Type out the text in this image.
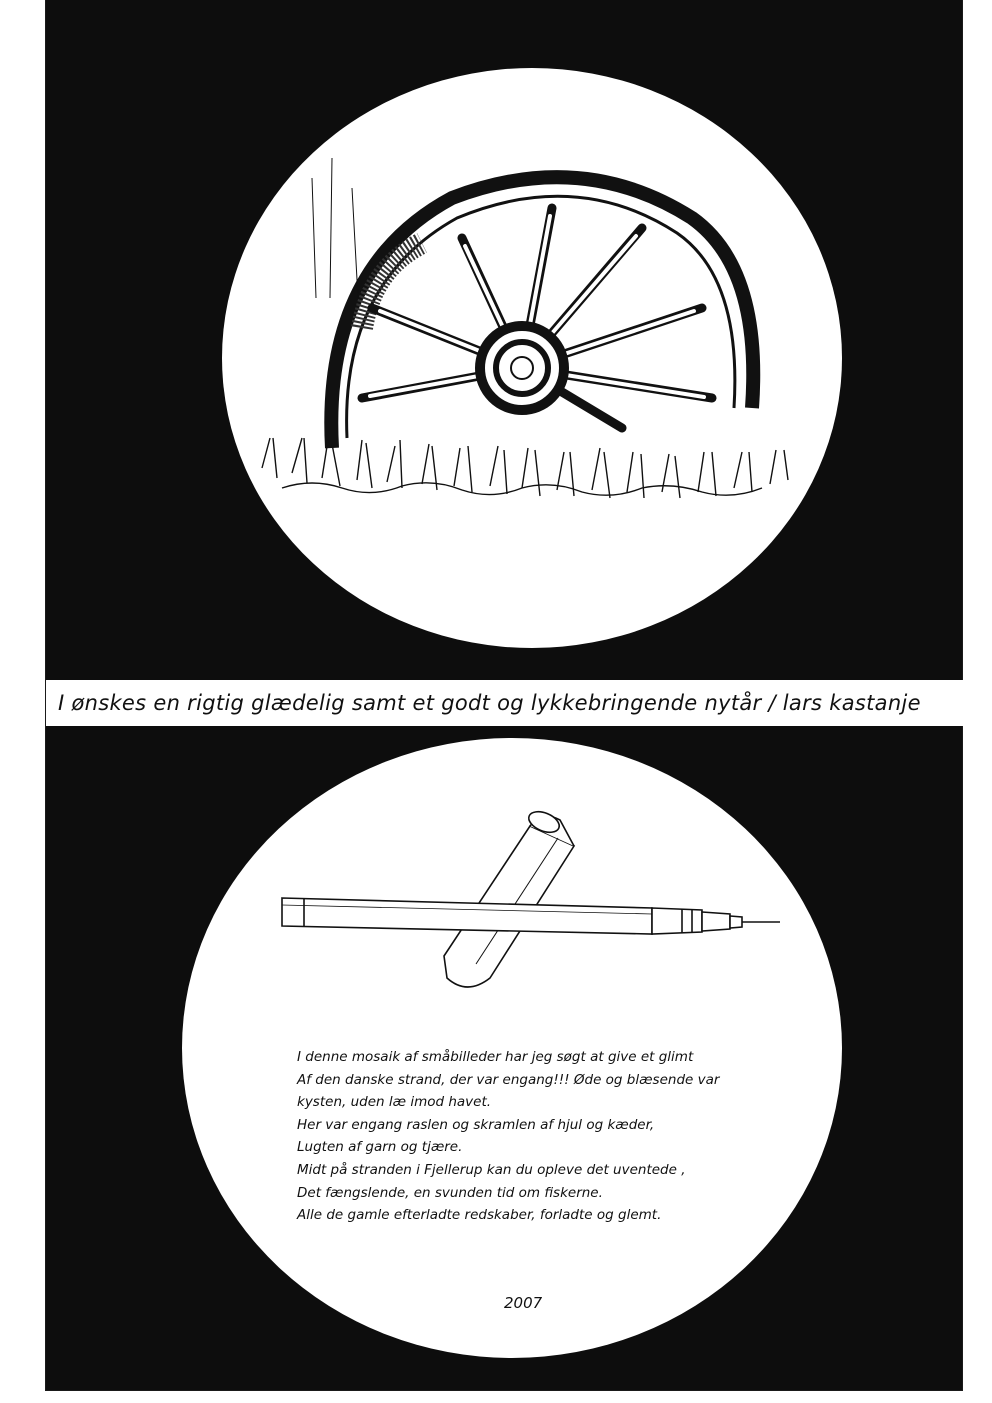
I ønskes en rigtig glædelig samt et godt og lykkebringende nytår / lars kastanje
I denne mosaik af småbilleder har jeg søgt at give et glimt
Af den danske strand, der var engang!!! Øde og blæsende var
kysten, uden læ imod havet.
Her var engang raslen og skramlen af hjul og kæder,
Lugten af garn og tjære.
Midt på stranden i Fjellerup kan du opleve det uventede ,
Det fængslende, en svunden tid om fiskerne.
Alle de gamle efterladte redskaber, forladte og glemt.
2007
